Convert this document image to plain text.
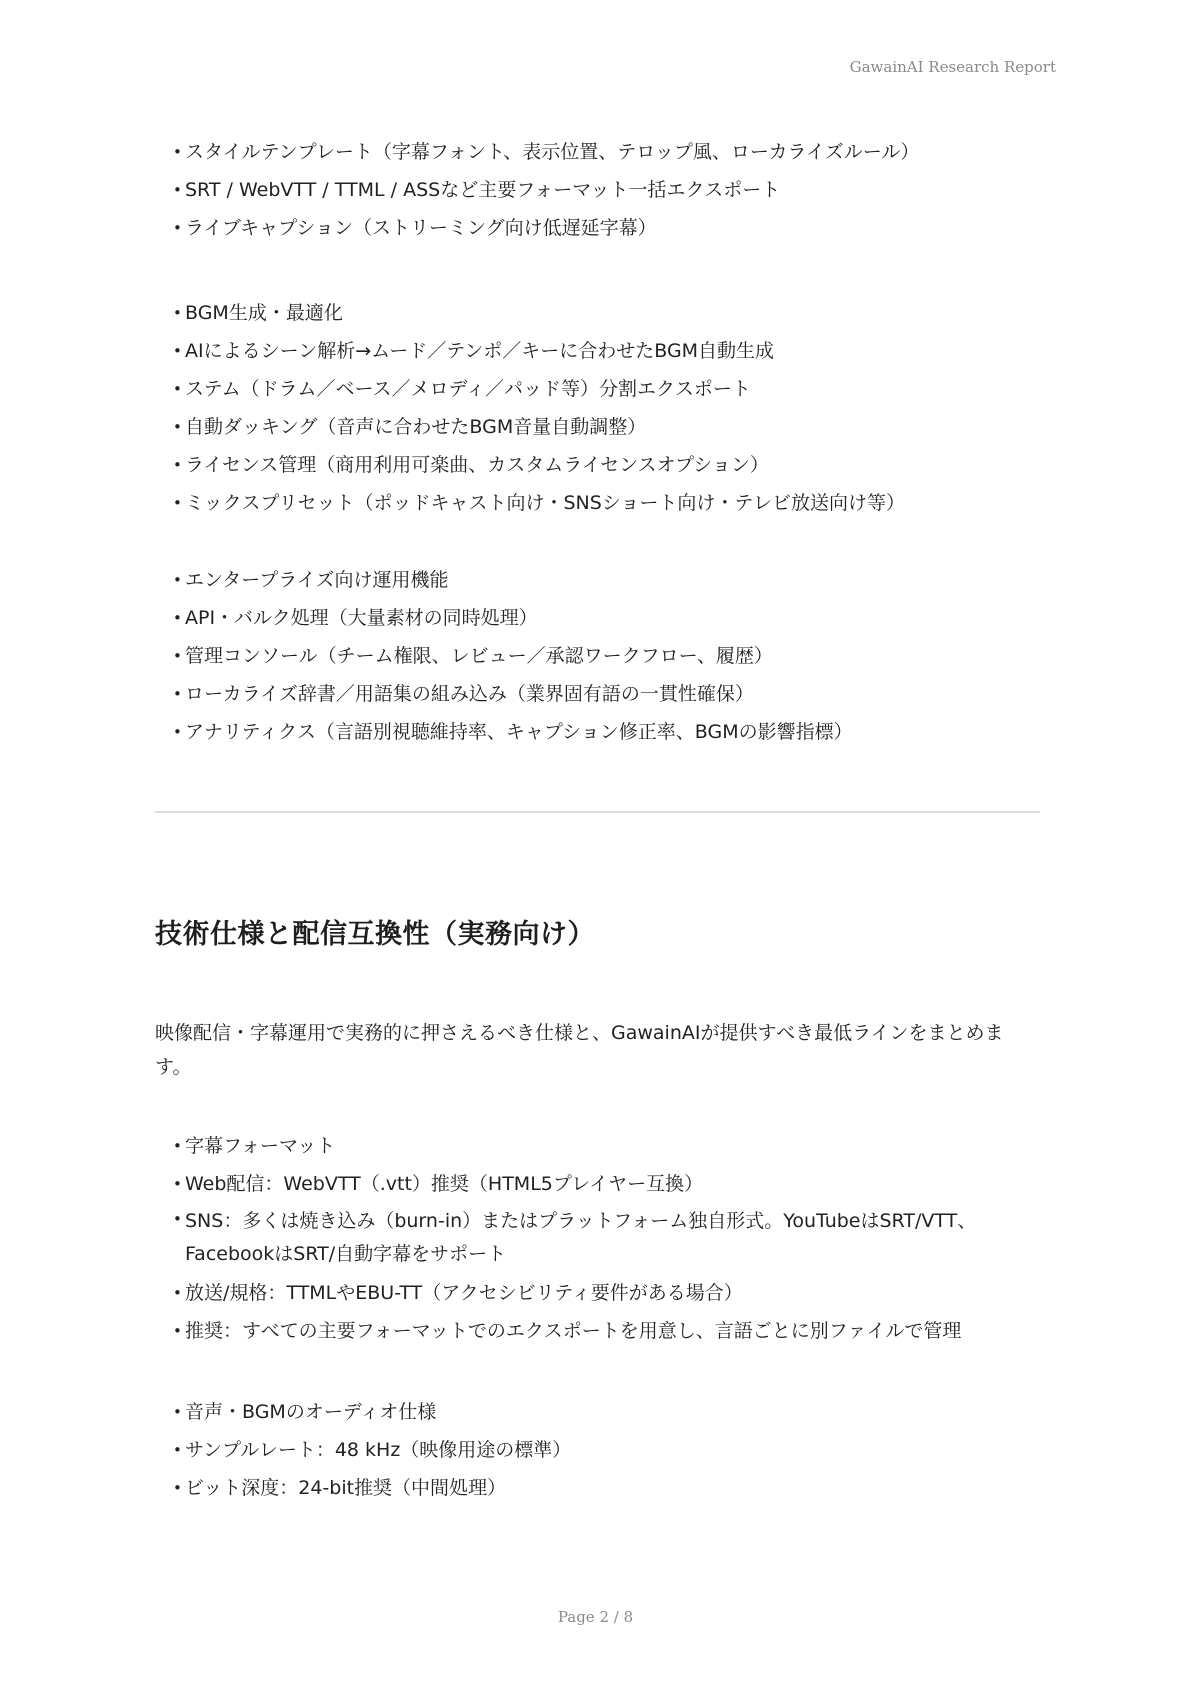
GawainAI Research Report
• スタイルテンプレート（字幕フォント、表示位置、テロップ風、ローカライズルール）
• SRT / WebVTT / TTML / ASSなど主要フォーマット一括エクスポート
• ライブキャプション（ストリーミング向け低遅延字幕）
• BGM生成・最適化
• AIによるシーン解析→ムード／テンポ／キーに合わせたBGM自動生成
• ステム（ドラム／ベース／メロディ／パッド等）分割エクスポート
• 自動ダッキング（音声に合わせたBGM音量自動調整）
• ライセンス管理（商用利用可楽曲、カスタムライセンスオプション）
• ミックスプリセット（ポッドキャスト向け・SNSショート向け・テレビ放送向け等）
• エンタープライズ向け運用機能
• API・バルク処理（大量素材の同時処理）
• 管理コンソール（チーム権限、レビュー／承認ワークフロー、履歴）
• ローカライズ辞書／用語集の組み込み（業界固有語の一貫性確保）
• アナリティクス（言語別視聴維持率、キャプション修正率、BGMの影響指標）
技術仕様と配信互換性（実務向け）
映像配信・字幕運用で実務的に押さえるべき仕様と、GawainAIが提供すべき最低ラインをまとめます。
• 字幕フォーマット
• Web配信：WebVTT（.vtt）推奨（HTML5プレイヤー互換）
• SNS：多くは焼き込み（burn-in）またはプラットフォーム独自形式。YouTubeはSRT/VTT、FacebookはSRT/自動字幕をサポート
• 放送/規格：TTMLやEBU-TT（アクセシビリティ要件がある場合）
• 推奨：すべての主要フォーマットでのエクスポートを用意し、言語ごとに別ファイルで管理
• 音声・BGMのオーディオ仕様
• サンプルレート：48 kHz（映像用途の標準）
• ビット深度：24-bit推奨（中間処理）
Page 2 / 8
